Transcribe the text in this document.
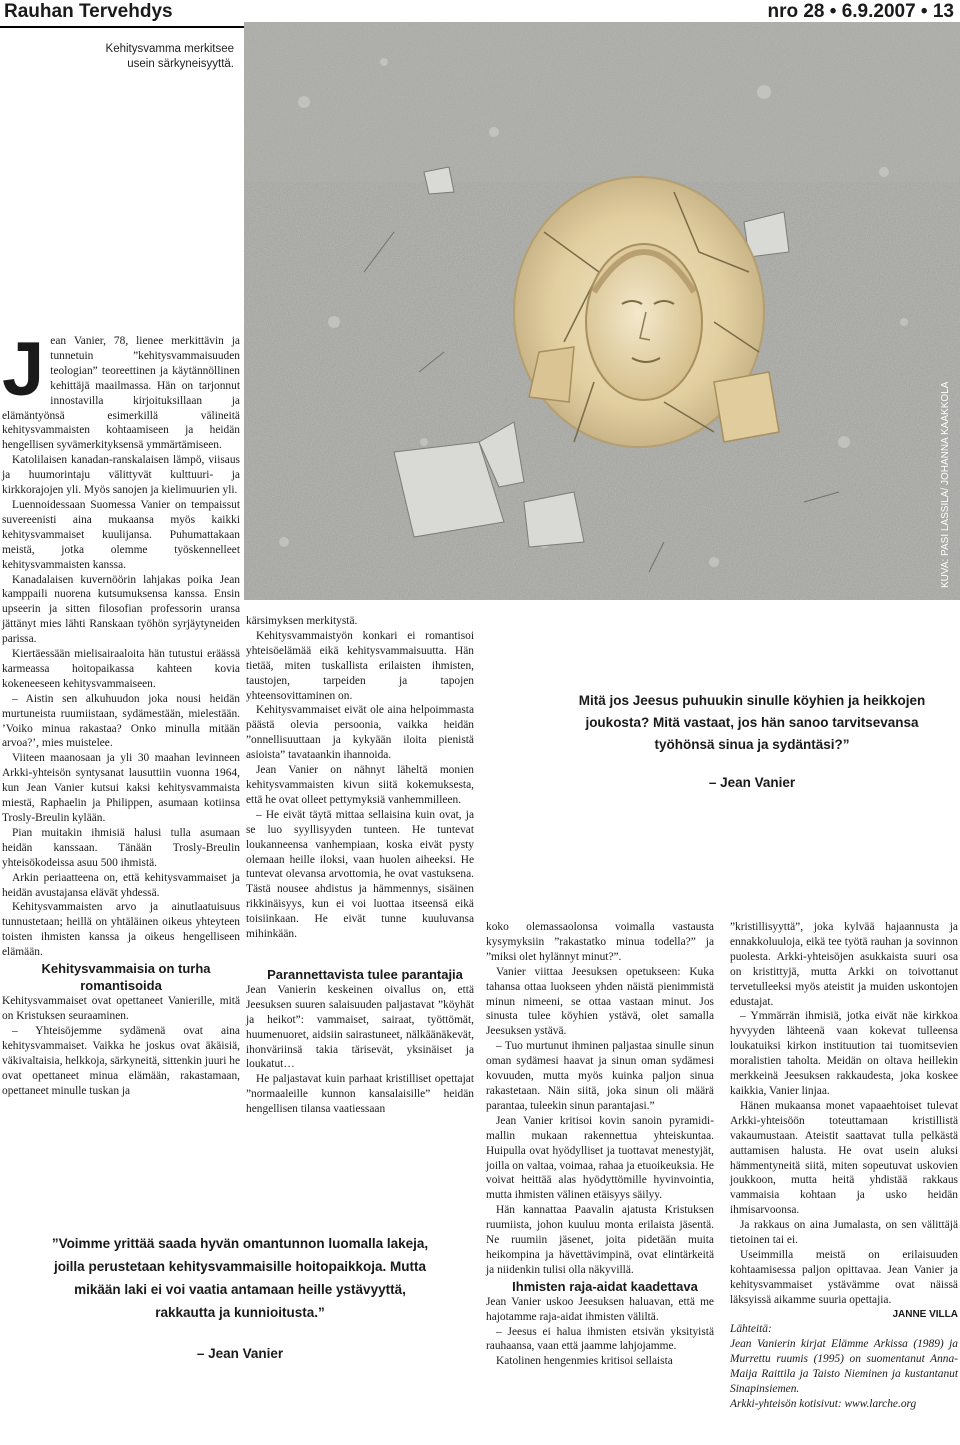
Rauhan Tervehdys	nro 28 • 6.9.2007 • 13
Kehitysvamma merkitsee usein särkyneisyyttä.
KUVA: PASI LASSILA/ JOHANNA KAAKKOLA
J ean Vanier, 78, lienee merkittävin ja tunnetuin ”kehitysvammaisuuden teologian” teoreettinen ja käytännöllinen kehittäjä maailmassa. Hän on tarjonnut innostavilla kirjoituksillaan ja elämäntyönsä esimerkillä välineitä kehitysvammaisten kohtaamiseen ja heidän hengellisen syvämerkityksensä ymmärtämiseen.

Katolilaisen kanadan-ranskalaisen lämpö, viisaus ja huumorintaju välittyvät kulttuuri- ja kirkkorajojen yli. Myös sanojen ja kielimuurien yli.

Luennoidessaan Suomessa Vanier on tempaissut suvereenisti aina mukaansa myös kaikki kehitysvammaiset kuulijansa. Puhumattakaan meistä, jotka olemme työskennelleet kehitysvammaisten kanssa.

Kanadalaisen kuvernöörin lahjakas poika Jean kamppaili nuorena kutsumuksensa kanssa. Ensin upseerin ja sitten filosofian professorin uransa jättänyt mies lähti Ranskaan työhön syrjäytyneiden parissa.

Kiertäessään mielisairaaloita hän tutustui eräässä karmeassa hoitopaikassa kahteen kovia kokeneeseen kehitysvammaiseen.

– Aistin sen alkuhuudon joka nousi heidän murtuneista ruumiistaan, sydämestään, mielestään. ’Voiko minua rakastaa? Onko minulla mitään arvoa?’, mies muistelee.

Viiteen maanosaan ja yli 30 maahan levinneen Arkki-yhteisön syntysanat lausuttiin vuonna 1964, kun Jean Vanier kutsui kaksi kehitysvammaista miestä, Raphaelin ja Philippen, asumaan kotiinsa Trosly-Breulin kylään.

Pian muitakin ihmisiä halusi tulla asumaan heidän kanssaan. Tänään Trosly-Breulin yhteisökodeissa asuu 500 ihmistä.

Arkin periaatteena on, että kehitysvammaiset ja heidän avustajansa elävät yhdessä.

Kehitysvammaisten arvo ja ainutlaatuisuus tunnustetaan; heillä on yhtäläinen oikeus yhteyteen toisten ihmisten kanssa ja oikeus hengelliseen elämään.

Kehitysvammaisia on turha romantisoida

Kehitysvammaiset ovat opettaneet Vanierille, mitä on Kristuksen seuraaminen.

– Yhteisöjemme sydämenä ovat aina kehitysvammaiset. Vaikka he joskus ovat äkäisiä, väkivaltaisia, helkkoja, särkyneitä, sittenkin juuri he ovat opettaneet minua elämään, rakastamaan, opettaneet minulle tuskan ja

kärsimyksen merkitystä.

Kehitysvammaistyön konkari ei romantisoi yhteisöelämää eikä kehitysvammaisuutta. Hän tietää, miten tuskallista erilaisten ihmisten, taustojen, tarpeiden ja tapojen yhteensovittaminen on.

Kehitysvammaiset eivät ole aina helpoimmasta päästä olevia persoonia, vaikka heidän ”onnellisuuttaan ja kykyään iloita pienistä asioista” tavataankin ihannoida.

Jean Vanier on nähnyt läheltä monien kehitysvammaisten kivun siitä kokemuksesta, että he ovat olleet pettymyksiä vanhemmilleen.

– He eivät täytä mittaa sellaisina kuin ovat, ja se luo syyllisyyden tunteen. He tuntevat loukanneensa vanhempiaan, koska eivät pysty olemaan heille iloksi, vaan huolen aiheeksi. He tuntevat olevansa arvottomia, he ovat vastuksena. Tästä nousee ahdistus ja hämmennys, sisäinen rikkinäisyys, kun ei voi luottaa itseensä eikä toisiinkaan. He eivät tunne kuuluvansa mihinkään.

Parannettavista tulee parantajia

Jean Vanierin keskeinen oivallus on, että Jeesuksen suuren salaisuuden paljastavat ”köyhät ja heikot”: vammaiset, sairaat, työttömät, huumenuoret, aidsiin sairastuneet, nälkäänäkevät, ihonväriinsä takia tärisevät, yksinäiset ja loukatut…

He paljastavat kuin parhaat kristilliset opettajat ”normaaleille kunnon kansalaisille” heidän hengellisen tilansa vaatiessaan

Mitä jos Jeesus puhuukin sinulle köyhien ja heikkojen joukosta? Mitä vastaat, jos hän sanoo tarvitsevansa työhönsä sinua ja sydäntäsi?”
– Jean Vanier

koko olemassaolonsa voimalla vastausta kysymyksiin ”rakastatko minua todella?” ja ”miksi olet hylännyt minut?”.

Vanier viittaa Jeesuksen opetukseen: Kuka tahansa ottaa luokseen yhden näistä pienimmistä minun nimeeni, se ottaa vastaan minut. Jos sinusta tulee köyhien ystävä, olet samalla Jeesuksen ystävä.

– Tuo murtunut ihminen paljastaa sinulle sinun oman sydämesi haavat ja sinun oman sydämesi kovuuden, mutta myös kuinka paljon sinua rakastetaan. Näin siitä, joka sinun oli määrä parantaa, tuleekin sinun parantajasi.”

Jean Vanier kritisoi kovin sanoin pyramidi-mallin mukaan rakennettua yhteiskuntaa. Huipulla ovat hyödylliset ja tuottavat menestyjät, joilla on valtaa, voimaa, rahaa ja etuoikeuksia. He voivat heittää alas hyödyttömille hyvinvointia, mutta ihmisten välinen etäisyys säilyy.

Hän kannattaa Paavalin ajatusta Kristuksen ruumiista, johon kuuluu monta erilaista jäsentä. Ne ruumiin jäsenet, joita pidetään muita heikompina ja hävettävimpinä, ovat elintärkeitä ja niidenkin tulisi olla näkyvillä.

Ihmisten raja-aidat kaadettava

Jean Vanier uskoo Jeesuksen haluavan, että me hajotamme raja-aidat ihmisten väliltä.

– Jeesus ei halua ihmisten etsivän yksityistä rauhaansa, vaan että jaamme lahjojamme.

Katolinen hengenmies kritisoi sellaista

”kristillisyyttä”, joka kylvää hajaannusta ja ennakkoluuloja, eikä tee työtä rauhan ja sovinnon puolesta. Arkki-yhteisöjen asukkaista suuri osa on kristittyjä, mutta Arkki on toivottanut tervetulleeksi myös ateistit ja muiden uskontojen edustajat.

– Ymmärrän ihmisiä, jotka eivät näe kirkkoa hyvyyden lähteenä vaan kokevat tulleensa loukatuiksi kirkon instituution tai tuomitsevien moralistien taholta. Meidän on oltava heillekin merkkeinä Jeesuksen rakkaudesta, joka koskee kaikkia, Vanier linjaa.

Hänen mukaansa monet vapaaehtoiset tulevat Arkki-yhteisöön toteuttamaan kristillistä vakaumustaan. Ateistit saattavat tulla pelkästä auttamisen halusta. He ovat usein aluksi hämmentyneitä siitä, miten sopeutuvat uskovien joukkoon, mutta heitä yhdistää rakkaus vammaisia kohtaan ja usko heidän ihmisarvoonsa.

Ja rakkaus on aina Jumalasta, on sen välittäjä tietoinen tai ei.

Useimmilla meistä on erilaisuuden kohtaamisessa paljon opittavaa. Jean Vanier ja kehitysvammaiset ystävämme ovat näissä läksyissä aikamme suuria opettajia.

JANNE VILLA

Lähteitä:

Jean Vanierin kirjat Elämme Arkissa (1989) ja Murrettu ruumis (1995) on suomentanut Anna-Maija Raittila ja Taisto Nieminen ja kustantanut Sinapinsiemen.

Arkki-yhteisön kotisivut: www.larche.org

”Voimme yrittää saada hyvän omantunnon luomalla lakeja, joilla perustetaan kehitysvammaisille hoitopaikkoja. Mutta mikään laki ei voi vaatia antamaan heille ystävyyttä, rakkautta ja kunnioitusta.”
– Jean Vanier
